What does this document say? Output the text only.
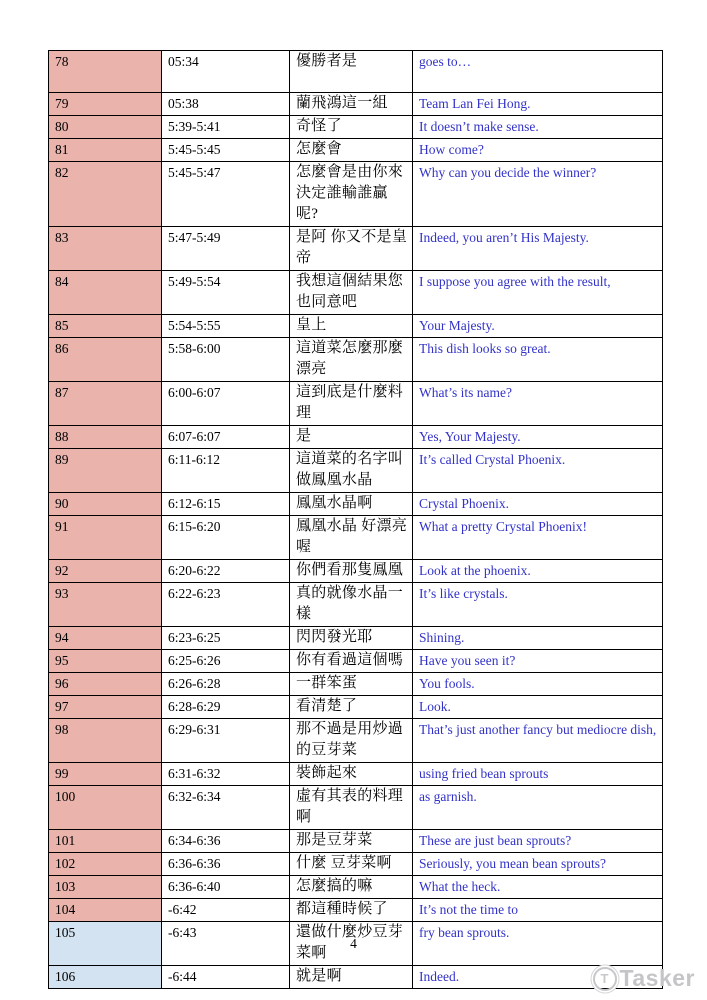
78	05:34	優勝者是	goes to…
79	05:38	蘭飛鴻這一組	Team Lan Fei Hong.
80	5:39-5:41	奇怪了	It doesn’t make sense.
81	5:45-5:45	怎麼會	How come?
82	5:45-5:47	怎麼會是由你來決定誰輸誰贏呢?	Why can you decide the winner?
83	5:47-5:49	是阿 你又不是皇帝	Indeed, you aren’t His Majesty.
84	5:49-5:54	我想這個結果您也同意吧	I suppose you agree with the result,
85	5:54-5:55	皇上	Your Majesty.
86	5:58-6:00	這道菜怎麼那麼漂亮	This dish looks so great.
87	6:00-6:07	這到底是什麼料理	What’s its name?
88	6:07-6:07	是	Yes, Your Majesty.
89	6:11-6:12	這道菜的名字叫做鳳凰水晶	It’s called Crystal Phoenix.
90	6:12-6:15	鳳凰水晶啊	Crystal Phoenix.
91	6:15-6:20	鳳凰水晶 好漂亮喔	What a pretty Crystal Phoenix!
92	6:20-6:22	你們看那隻鳳凰	Look at the phoenix.
93	6:22-6:23	真的就像水晶一樣	It’s like crystals.
94	6:23-6:25	閃閃發光耶	Shining.
95	6:25-6:26	你有看過這個嗎	Have you seen it?
96	6:26-6:28	一群笨蛋	You fools.
97	6:28-6:29	看清楚了	Look.
98	6:29-6:31	那不過是用炒過的豆芽菜	That’s just another fancy but mediocre dish,
99	6:31-6:32	裝飾起來	using fried bean sprouts
100	6:32-6:34	虛有其表的料理啊	as garnish.
101	6:34-6:36	那是豆芽菜	These are just bean sprouts?
102	6:36-6:36	什麼 豆芽菜啊	Seriously, you mean bean sprouts?
103	6:36-6:40	怎麼搞的嘛	What the heck.
104	-6:42	都這種時候了	It’s not the time to
105	-6:43	還做什麼炒豆芽菜啊	fry bean sprouts.
106	-6:44	就是啊	Indeed.
4
T Tasker
